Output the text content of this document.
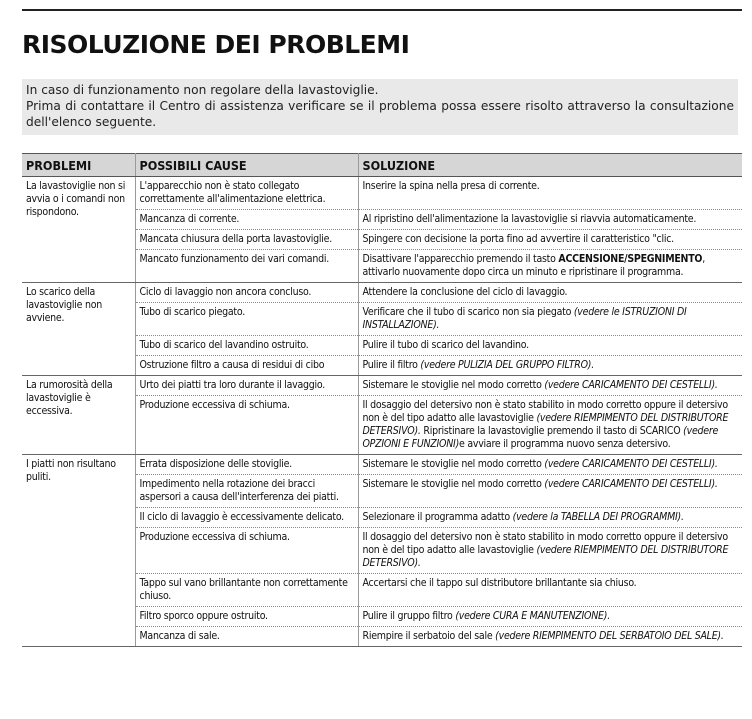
RISOLUZIONE DEI PROBLEMI

In caso di funzionamento non regolare della lavastoviglie.

Prima di contattare il Centro di assistenza verificare se il problema possa essere risolto attraverso la consultazione dell'elenco seguente.

PROBLEMI	POSSIBILI CAUSE	SOLUZIONE
La lavastoviglie non si avvia o i comandi non rispondono.	L'apparecchio non è stato collegato correttamente all'alimentazione elettrica.	Inserire la spina nella presa di corrente.
	Mancanza di corrente.	Al ripristino dell'alimentazione la lavastoviglie si riavvia automaticamente.
	Mancata chiusura della porta lavastoviglie.	Spingere con decisione la porta fino ad avvertire il caratteristico "clic.
	Mancato funzionamento dei vari comandi.	Disattivare l'apparecchio premendo il tasto ACCENSIONE/SPEGNIMENTO, attivarlo nuovamente dopo circa un minuto e ripristinare il programma.
Lo scarico della lavastoviglie non avviene.	Ciclo di lavaggio non ancora concluso.	Attendere la conclusione del ciclo di lavaggio.
	Tubo di scarico piegato.	Verificare che il tubo di scarico non sia piegato (vedere le ISTRUZIONI DI INSTALLAZIONE).
	Tubo di scarico del lavandino ostruito.	Pulire il tubo di scarico del lavandino.
	Ostruzione filtro a causa di residui di cibo	Pulire il filtro (vedere PULIZIA DEL GRUPPO FILTRO).
La rumorosità della lavastoviglie è eccessiva.	Urto dei piatti tra loro durante il lavaggio.	Sistemare le stoviglie nel modo corretto (vedere CARICAMENTO DEI CESTELLI).
	Produzione eccessiva di schiuma.	Il dosaggio del detersivo non è stato stabilito in modo corretto oppure il detersivo non è del tipo adatto alle lavastoviglie (vedere RIEMPIMENTO DEL DISTRIBUTORE DETERSIVO). Ripristinare la lavastoviglie premendo il tasto di SCARICO (vedere OPZIONI E FUNZIONI)e avviare il programma nuovo senza detersivo.
I piatti non risultano puliti.	Errata disposizione delle stoviglie.	Sistemare le stoviglie nel modo corretto (vedere CARICAMENTO DEI CESTELLI).
	Impedimento nella rotazione dei bracci aspersori a causa dell'interferenza dei piatti.	Sistemare le stoviglie nel modo corretto (vedere CARICAMENTO DEI CESTELLI).
	Il ciclo di lavaggio è eccessivamente delicato.	Selezionare il programma adatto (vedere la TABELLA DEI PROGRAMMI).
	Produzione eccessiva di schiuma.	Il dosaggio del detersivo non è stato stabilito in modo corretto oppure il detersivo non è del tipo adatto alle lavastoviglie (vedere RIEMPIMENTO DEL DISTRIBUTORE DETERSIVO).
	Tappo sul vano brillantante non correttamente chiuso.	Accertarsi che il tappo sul distributore brillantante sia chiuso.
	Filtro sporco oppure ostruito.	Pulire il gruppo filtro (vedere CURA E MANUTENZIONE).
	Mancanza di sale.	Riempire il serbatoio del sale (vedere RIEMPIMENTO DEL SERBATOIO DEL SALE).
